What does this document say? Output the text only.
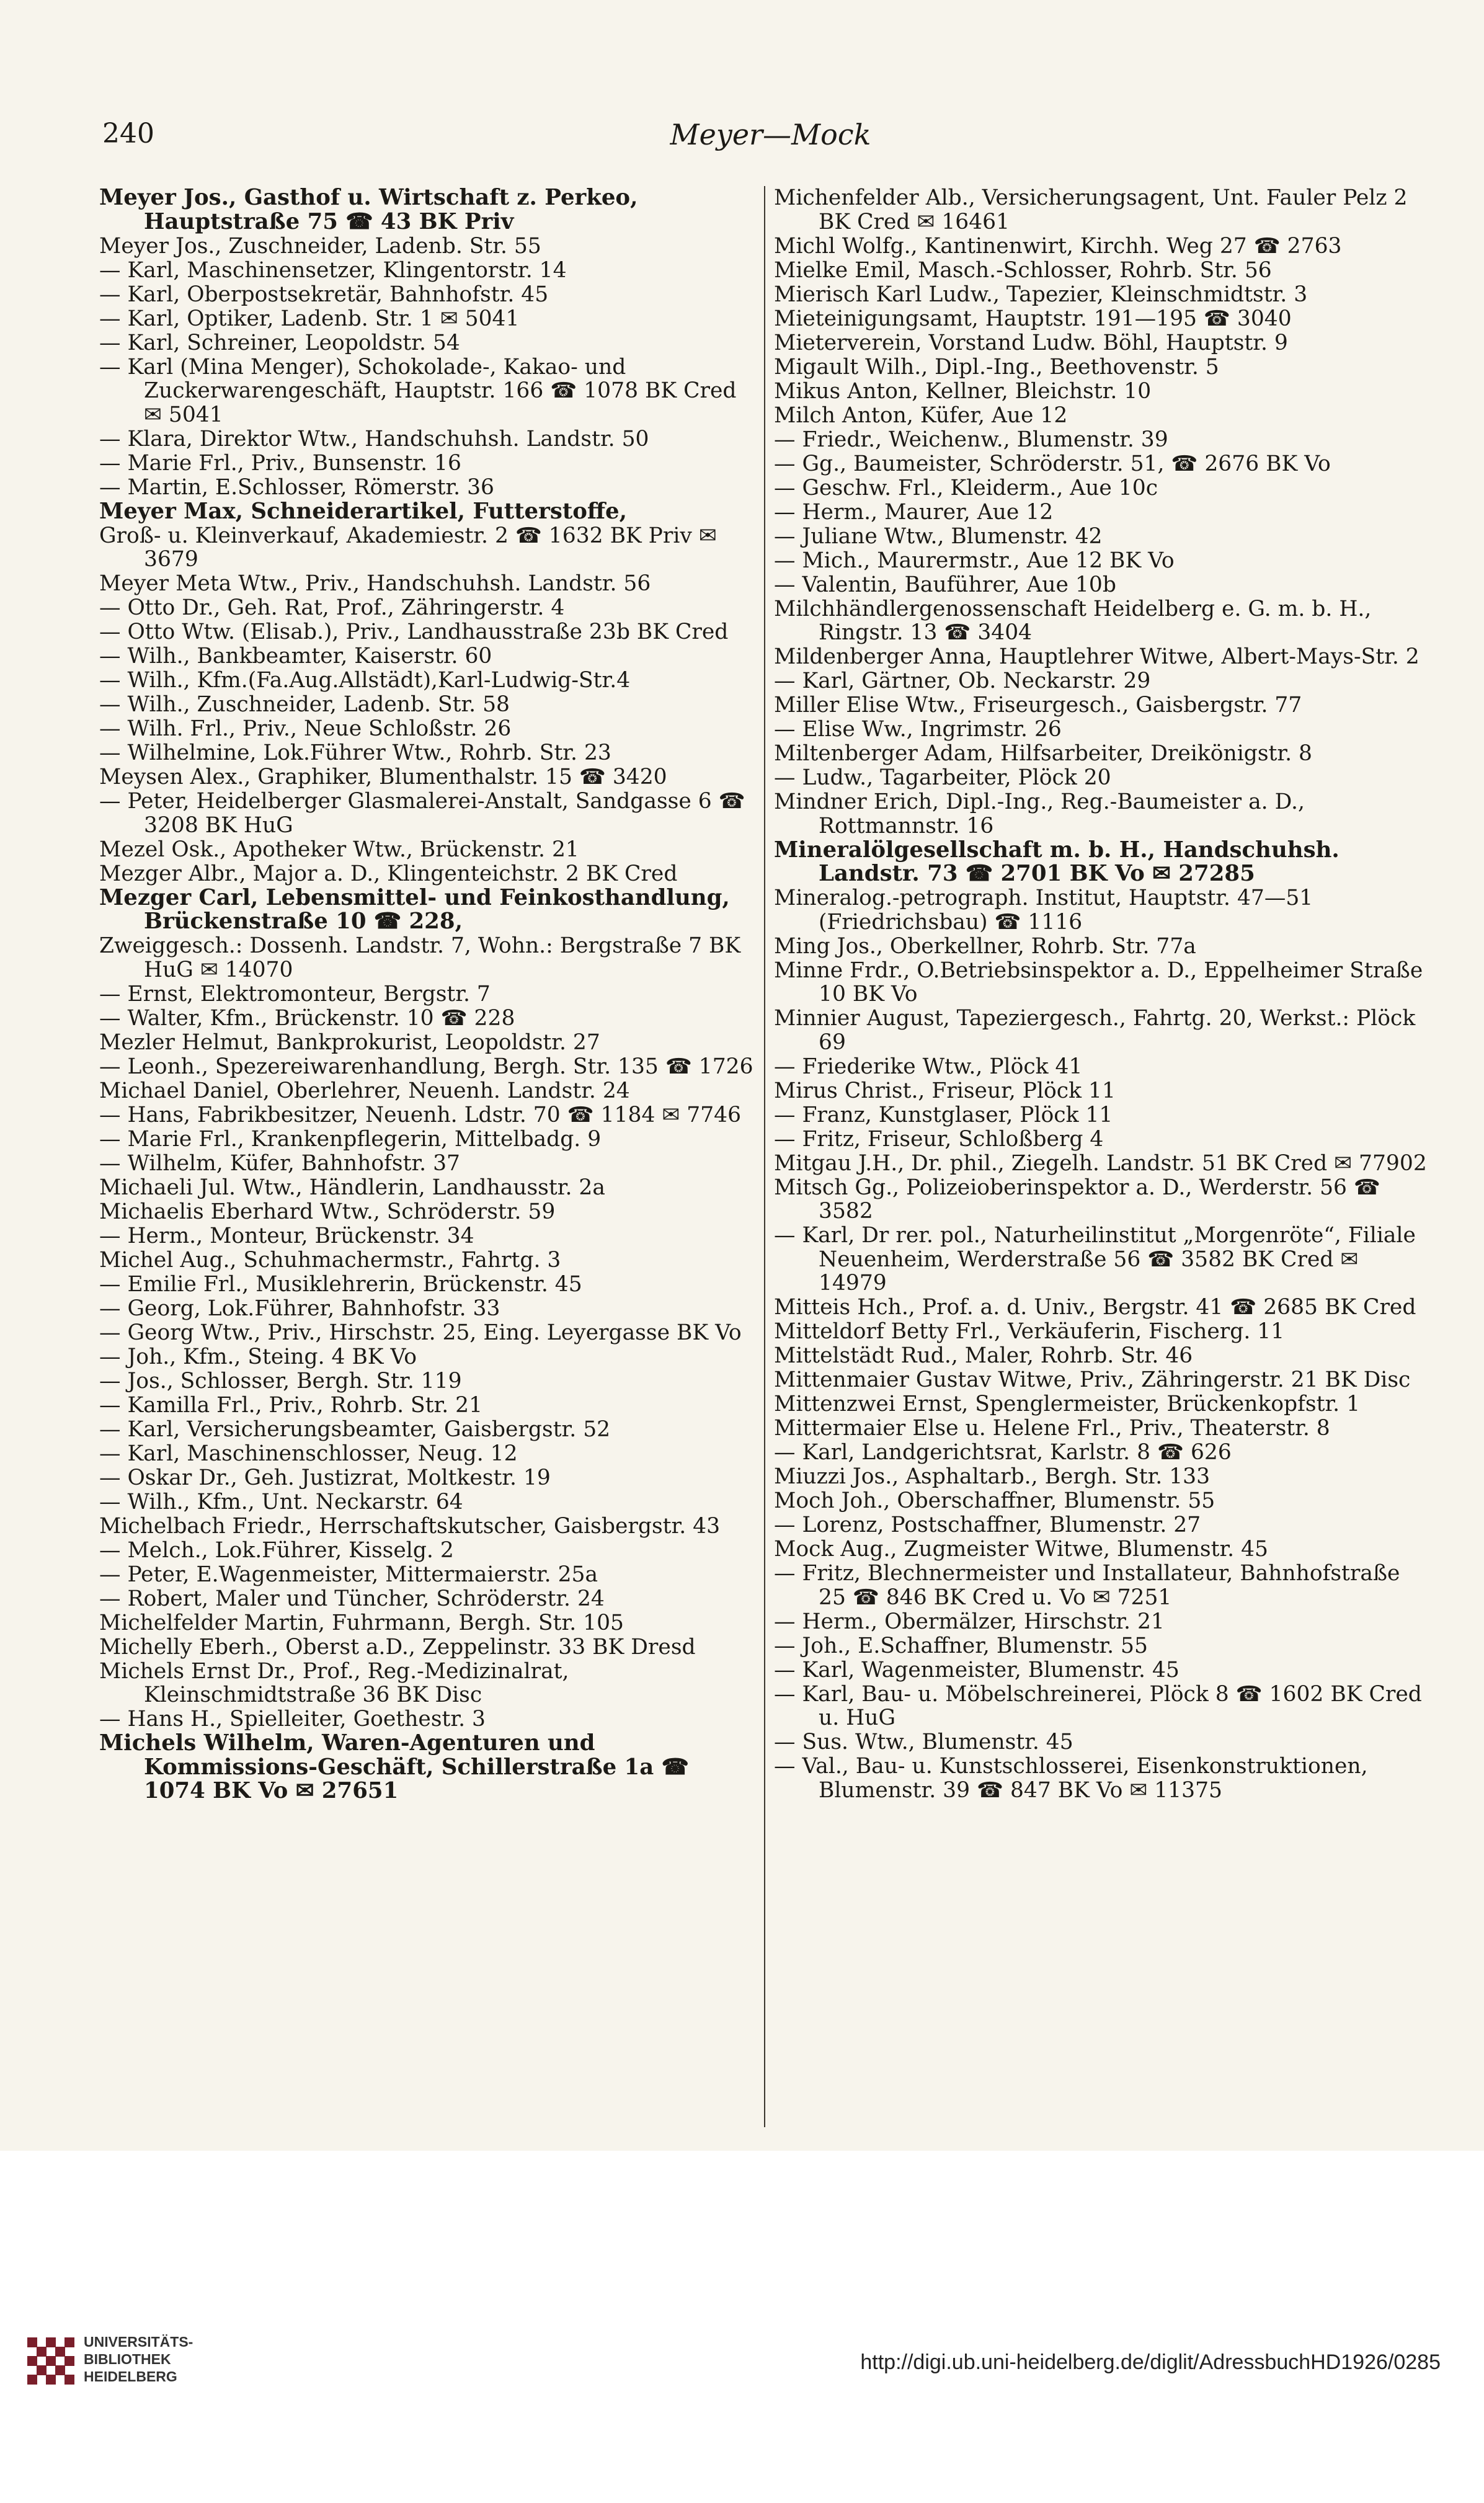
240	Meyer—Mock
Meyer Jos., Gasthof u. Wirtschaft z. Perkeo, Hauptstraße 75 ☎ 43 BK Priv
Meyer Jos., Zuschneider, Ladenb. Str. 55
— Karl, Maschinensetzer, Klingentorstr. 14
— Karl, Oberpostsekretär, Bahnhofstr. 45
— Karl, Optiker, Ladenb. Str. 1 ✉ 5041
— Karl, Schreiner, Leopoldstr. 54
— Karl (Mina Menger), Schokolade-, Kakao- und Zuckerwarengeschäft, Hauptstr. 166 ☎ 1078 BK Cred ✉ 5041
— Klara, Direktor Wtw., Handschuhsh. Landstr. 50
— Marie Frl., Priv., Bunsenstr. 16
— Martin, E.Schlosser, Römerstr. 36
Meyer Max, Schneiderartikel, Futterstoffe,
Groß- u. Kleinverkauf, Akademiestr. 2 ☎ 1632 BK Priv ✉ 3679
Meyer Meta Wtw., Priv., Handschuhsh. Landstr. 56
— Otto Dr., Geh. Rat, Prof., Zähringerstr. 4
— Otto Wtw. (Elisab.), Priv., Landhausstraße 23b BK Cred
— Wilh., Bankbeamter, Kaiserstr. 60
— Wilh., Kfm.(Fa.Aug.Allstädt),Karl-Ludwig-Str.4
— Wilh., Zuschneider, Ladenb. Str. 58
— Wilh. Frl., Priv., Neue Schloßstr. 26
— Wilhelmine, Lok.Führer Wtw., Rohrb. Str. 23
Meysen Alex., Graphiker, Blumenthalstr. 15 ☎ 3420
— Peter, Heidelberger Glasmalerei-Anstalt, Sandgasse 6 ☎ 3208 BK HuG
Mezel Osk., Apotheker Wtw., Brückenstr. 21
Mezger Albr., Major a. D., Klingenteichstr. 2 BK Cred
Mezger Carl, Lebensmittel- und Feinkosthandlung, Brückenstraße 10 ☎ 228,
Zweiggesch.: Dossenh. Landstr. 7, Wohn.: Bergstraße 7 BK HuG ✉ 14070
— Ernst, Elektromonteur, Bergstr. 7
— Walter, Kfm., Brückenstr. 10 ☎ 228
Mezler Helmut, Bankprokurist, Leopoldstr. 27
— Leonh., Spezereiwarenhandlung, Bergh. Str. 135 ☎ 1726
Michael Daniel, Oberlehrer, Neuenh. Landstr. 24
— Hans, Fabrikbesitzer, Neuenh. Ldstr. 70 ☎ 1184 ✉ 7746
— Marie Frl., Krankenpflegerin, Mittelbadg. 9
— Wilhelm, Küfer, Bahnhofstr. 37
Michaeli Jul. Wtw., Händlerin, Landhausstr. 2a
Michaelis Eberhard Wtw., Schröderstr. 59
— Herm., Monteur, Brückenstr. 34
Michel Aug., Schuhmachermstr., Fahrtg. 3
— Emilie Frl., Musiklehrerin, Brückenstr. 45
— Georg, Lok.Führer, Bahnhofstr. 33
— Georg Wtw., Priv., Hirschstr. 25, Eing. Leyergasse BK Vo
— Joh., Kfm., Steing. 4 BK Vo
— Jos., Schlosser, Bergh. Str. 119
— Kamilla Frl., Priv., Rohrb. Str. 21
— Karl, Versicherungsbeamter, Gaisbergstr. 52
— Karl, Maschinenschlosser, Neug. 12
— Oskar Dr., Geh. Justizrat, Moltkestr. 19
— Wilh., Kfm., Unt. Neckarstr. 64
Michelbach Friedr., Herrschaftskutscher, Gaisbergstr. 43
— Melch., Lok.Führer, Kisselg. 2
— Peter, E.Wagenmeister, Mittermaierstr. 25a
— Robert, Maler und Tüncher, Schröderstr. 24
Michelfelder Martin, Fuhrmann, Bergh. Str. 105
Michelly Eberh., Oberst a.D., Zeppelinstr. 33 BK Dresd
Michels Ernst Dr., Prof., Reg.-Medizinalrat, Kleinschmidtstraße 36 BK Disc
— Hans H., Spielleiter, Goethestr. 3
Michels Wilhelm, Waren-Agenturen und Kommissions-Geschäft, Schillerstraße 1a ☎ 1074 BK Vo ✉ 27651
Michenfelder Alb., Versicherungsagent, Unt. Fauler Pelz 2 BK Cred ✉ 16461
Michl Wolfg., Kantinenwirt, Kirchh. Weg 27 ☎ 2763
Mielke Emil, Masch.-Schlosser, Rohrb. Str. 56
Mierisch Karl Ludw., Tapezier, Kleinschmidtstr. 3
Mieteinigungsamt, Hauptstr. 191—195 ☎ 3040
Mieterverein, Vorstand Ludw. Böhl, Hauptstr. 9
Migault Wilh., Dipl.-Ing., Beethovenstr. 5
Mikus Anton, Kellner, Bleichstr. 10
Milch Anton, Küfer, Aue 12
— Friedr., Weichenw., Blumenstr. 39
— Gg., Baumeister, Schröderstr. 51, ☎ 2676 BK Vo
— Geschw. Frl., Kleiderm., Aue 10c
— Herm., Maurer, Aue 12
— Juliane Wtw., Blumenstr. 42
— Mich., Maurermstr., Aue 12 BK Vo
— Valentin, Bauführer, Aue 10b
Milchhändlergenossenschaft Heidelberg e. G. m. b. H., Ringstr. 13 ☎ 3404
Mildenberger Anna, Hauptlehrer Witwe, Albert-Mays-Str. 2
— Karl, Gärtner, Ob. Neckarstr. 29
Miller Elise Wtw., Friseurgesch., Gaisbergstr. 77
— Elise Ww., Ingrimstr. 26
Miltenberger Adam, Hilfsarbeiter, Dreikönigstr. 8
— Ludw., Tagarbeiter, Plöck 20
Mindner Erich, Dipl.-Ing., Reg.-Baumeister a. D., Rottmannstr. 16
Mineralölgesellschaft m. b. H., Handschuhsh. Landstr. 73 ☎ 2701 BK Vo ✉ 27285
Mineralog.-petrograph. Institut, Hauptstr. 47—51 (Friedrichsbau) ☎ 1116
Ming Jos., Oberkellner, Rohrb. Str. 77a
Minne Frdr., O.Betriebsinspektor a. D., Eppelheimer Straße 10 BK Vo
Minnier August, Tapeziergesch., Fahrtg. 20, Werkst.: Plöck 69
— Friederike Wtw., Plöck 41
Mirus Christ., Friseur, Plöck 11
— Franz, Kunstglaser, Plöck 11
— Fritz, Friseur, Schloßberg 4
Mitgau J.H., Dr. phil., Ziegelh. Landstr. 51 BK Cred ✉ 77902
Mitsch Gg., Polizeioberinspektor a. D., Werderstr. 56 ☎ 3582
— Karl, Dr rer. pol., Naturheilinstitut „Morgenröte“, Filiale Neuenheim, Werderstraße 56 ☎ 3582 BK Cred ✉ 14979
Mitteis Hch., Prof. a. d. Univ., Bergstr. 41 ☎ 2685 BK Cred
Mitteldorf Betty Frl., Verkäuferin, Fischerg. 11
Mittelstädt Rud., Maler, Rohrb. Str. 46
Mittenmaier Gustav Witwe, Priv., Zähringerstr. 21 BK Disc
Mittenzwei Ernst, Spenglermeister, Brückenkopfstr. 1
Mittermaier Else u. Helene Frl., Priv., Theaterstr. 8
— Karl, Landgerichtsrat, Karlstr. 8 ☎ 626
Miuzzi Jos., Asphaltarb., Bergh. Str. 133
Moch Joh., Oberschaffner, Blumenstr. 55
— Lorenz, Postschaffner, Blumenstr. 27
Mock Aug., Zugmeister Witwe, Blumenstr. 45
— Fritz, Blechnermeister und Installateur, Bahnhofstraße 25 ☎ 846 BK Cred u. Vo ✉ 7251
— Herm., Obermälzer, Hirschstr. 21
— Joh., E.Schaffner, Blumenstr. 55
— Karl, Wagenmeister, Blumenstr. 45
— Karl, Bau- u. Möbelschreinerei, Plöck 8 ☎ 1602 BK Cred u. HuG
— Sus. Wtw., Blumenstr. 45
— Val., Bau- u. Kunstschlosserei, Eisenkonstruktionen, Blumenstr. 39 ☎ 847 BK Vo ✉ 11375
UNIVERSITÄTS-
BIBLIOTHEK
HEIDELBERG
http://digi.ub.uni-heidelberg.de/diglit/AdressbuchHD1926/0285
